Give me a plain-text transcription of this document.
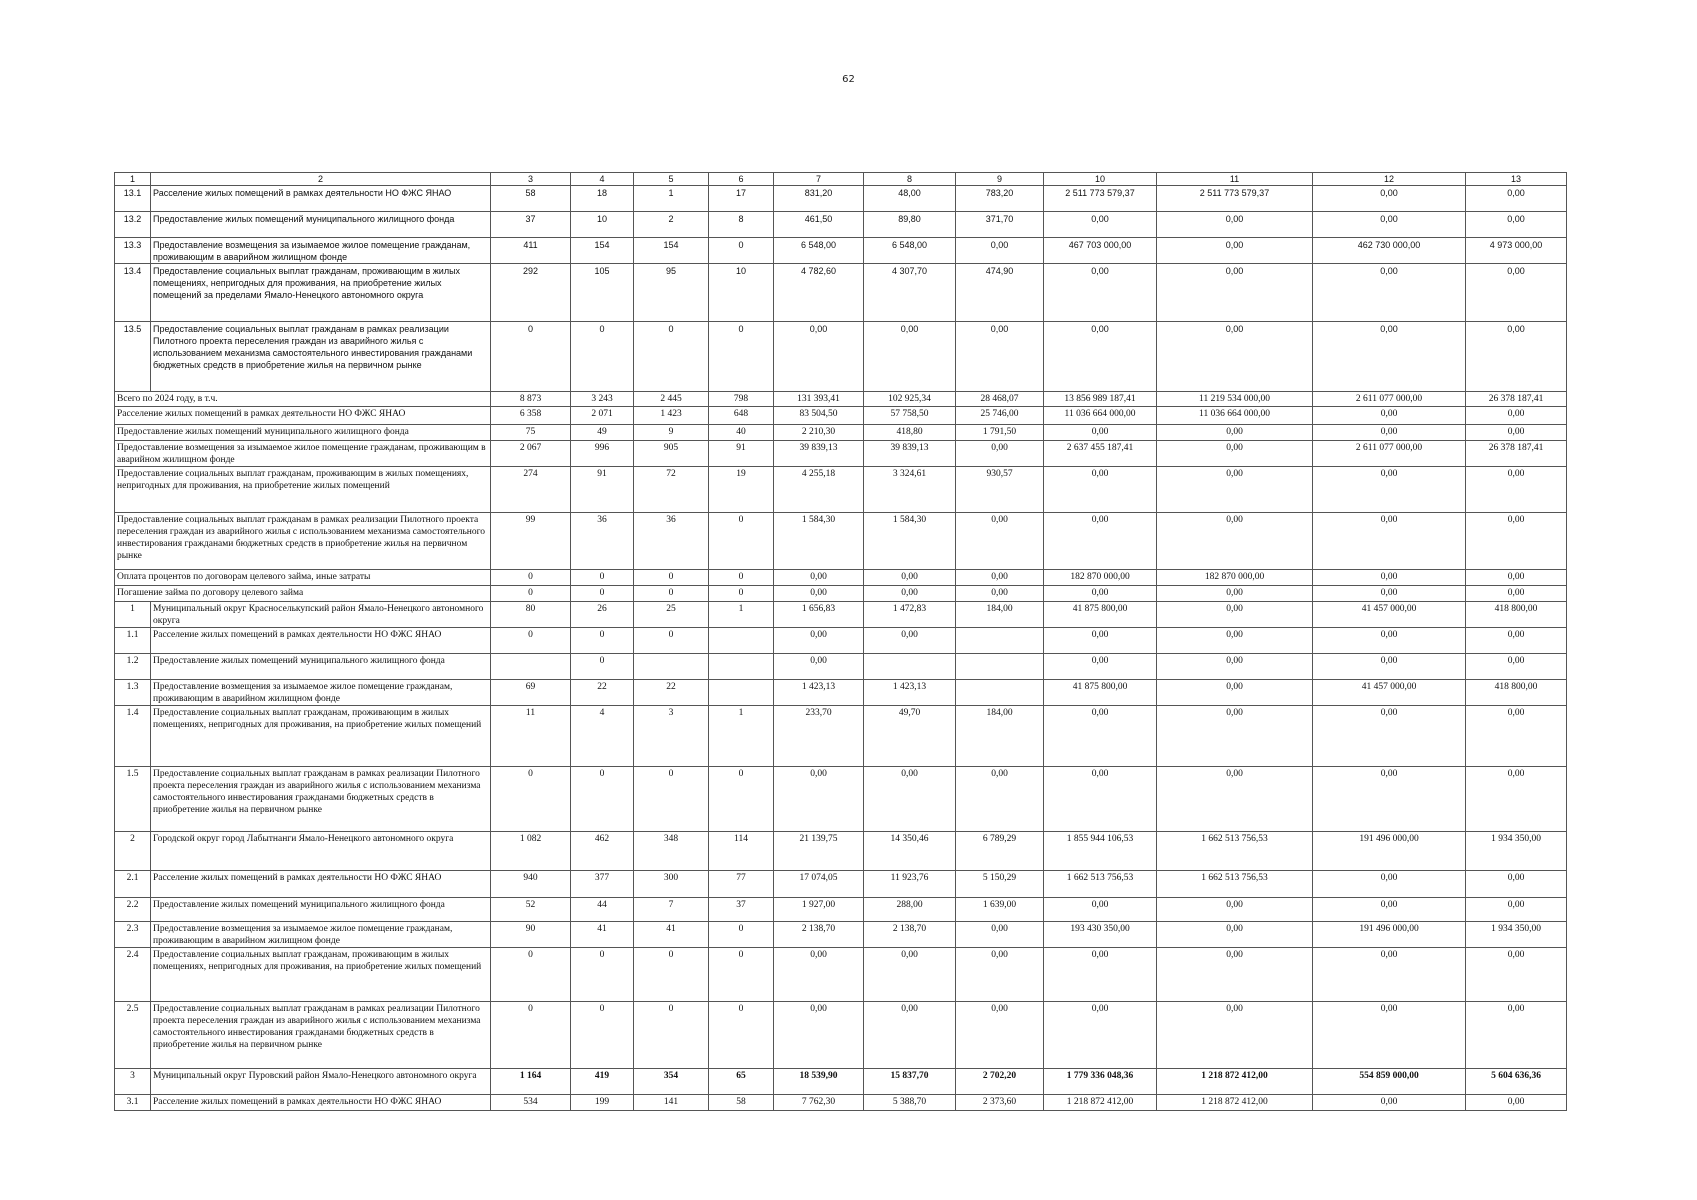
62
1	2	3	4	5	6	7	8	9	10	11	12	13
13.1	Расселение жилых помещений в рамках деятельности НО ФЖС ЯНАО	58	18	1	17	831,20	48,00	783,20	2 511 773 579,37	2 511 773 579,37	0,00	0,00
13.2	Предоставление жилых помещений муниципального жилищного фонда	37	10	2	8	461,50	89,80	371,70	0,00	0,00	0,00	0,00
13.3	Предоставление возмещения за изымаемое жилое помещение гражданам, проживающим в аварийном жилищном фонде	411	154	154	0	6 548,00	6 548,00	0,00	467 703 000,00	0,00	462 730 000,00	4 973 000,00
13.4	Предоставление социальных выплат гражданам, проживающим в жилых помещениях, непригодных для проживания, на приобретение жилых помещений за пределами Ямало-Ненецкого автономного округа	292	105	95	10	4 782,60	4 307,70	474,90	0,00	0,00	0,00	0,00
13.5	Предоставление социальных выплат гражданам в рамках реализации Пилотного проекта переселения граждан из аварийного жилья с использованием механизма самостоятельного инвестирования гражданами бюджетных средств в приобретение жилья на первичном рынке	0	0	0	0	0,00	0,00	0,00	0,00	0,00	0,00	0,00
Всего по 2024 году, в т.ч.		8 873	3 243	2 445	798	131 393,41	102 925,34	28 468,07	13 856 989 187,41	11 219 534 000,00	2 611 077 000,00	26 378 187,41
Расселение жилых помещений в рамках деятельности НО ФЖС ЯНАО		6 358	2 071	1 423	648	83 504,50	57 758,50	25 746,00	11 036 664 000,00	11 036 664 000,00	0,00	0,00
Предоставление жилых помещений муниципального жилищного фонда		75	49	9	40	2 210,30	418,80	1 791,50	0,00	0,00	0,00	0,00
Предоставление возмещения за изымаемое жилое помещение гражданам, проживающим в аварийном жилищном фонде		2 067	996	905	91	39 839,13	39 839,13	0,00	2 637 455 187,41	0,00	2 611 077 000,00	26 378 187,41
Предоставление социальных выплат гражданам, проживающим в жилых помещениях, непригодных для проживания, на приобретение жилых помещений		274	91	72	19	4 255,18	3 324,61	930,57	0,00	0,00	0,00	0,00
Предоставление социальных выплат гражданам в рамках реализации Пилотного проекта переселения граждан из аварийного жилья с использованием механизма самостоятельного инвестирования гражданами бюджетных средств в приобретение жилья на первичном рынке		99	36	36	0	1 584,30	1 584,30	0,00	0,00	0,00	0,00	0,00
Оплата процентов по договорам целевого займа, иные затраты		0	0	0	0	0,00	0,00	0,00	182 870 000,00	182 870 000,00	0,00	0,00
Погашение займа по договору целевого займа		0	0	0	0	0,00	0,00	0,00	0,00	0,00	0,00	0,00
1	Муниципальный округ Красноселькупский район Ямало-Ненецкого автономного округа	80	26	25	1	1 656,83	1 472,83	184,00	41 875 800,00	0,00	41 457 000,00	418 800,00
1.1	Расселение жилых помещений в рамках деятельности НО ФЖС ЯНАО	0	0	0		0,00	0,00		0,00	0,00	0,00	0,00
1.2	Предоставление жилых помещений муниципального жилищного фонда		0			0,00			0,00	0,00	0,00	0,00
1.3	Предоставление возмещения за изымаемое жилое помещение гражданам, проживающим в аварийном жилищном фонде	69	22	22		1 423,13	1 423,13		41 875 800,00	0,00	41 457 000,00	418 800,00
1.4	Предоставление социальных выплат гражданам, проживающим в жилых помещениях, непригодных для проживания, на приобретение жилых помещений	11	4	3	1	233,70	49,70	184,00	0,00	0,00	0,00	0,00
1.5	Предоставление социальных выплат гражданам в рамках реализации Пилотного проекта переселения граждан из аварийного жилья с использованием механизма самостоятельного инвестирования гражданами бюджетных средств в приобретение жилья на первичном рынке	0	0	0	0	0,00	0,00	0,00	0,00	0,00	0,00	0,00
2	Городской округ город Лабытнанги Ямало-Ненецкого автономного округа	1 082	462	348	114	21 139,75	14 350,46	6 789,29	1 855 944 106,53	1 662 513 756,53	191 496 000,00	1 934 350,00
2.1	Расселение жилых помещений в рамках деятельности НО ФЖС ЯНАО	940	377	300	77	17 074,05	11 923,76	5 150,29	1 662 513 756,53	1 662 513 756,53	0,00	0,00
2.2	Предоставление жилых помещений муниципального жилищного фонда	52	44	7	37	1 927,00	288,00	1 639,00	0,00	0,00	0,00	0,00
2.3	Предоставление возмещения за изымаемое жилое помещение гражданам, проживающим в аварийном жилищном фонде	90	41	41	0	2 138,70	2 138,70	0,00	193 430 350,00	0,00	191 496 000,00	1 934 350,00
2.4	Предоставление социальных выплат гражданам, проживающим в жилых помещениях, непригодных для проживания, на приобретение жилых помещений	0	0	0	0	0,00	0,00	0,00	0,00	0,00	0,00	0,00
2.5	Предоставление социальных выплат гражданам в рамках реализации Пилотного проекта переселения граждан из аварийного жилья с использованием механизма самостоятельного инвестирования гражданами бюджетных средств в приобретение жилья на первичном рынке	0	0	0	0	0,00	0,00	0,00	0,00	0,00	0,00	0,00
3	Муниципальный округ Пуровский район Ямало-Ненецкого автономного округа	1 164	419	354	65	18 539,90	15 837,70	2 702,20	1 779 336 048,36	1 218 872 412,00	554 859 000,00	5 604 636,36
3.1	Расселение жилых помещений в рамках деятельности НО ФЖС ЯНАО	534	199	141	58	7 762,30	5 388,70	2 373,60	1 218 872 412,00	1 218 872 412,00	0,00	0,00
